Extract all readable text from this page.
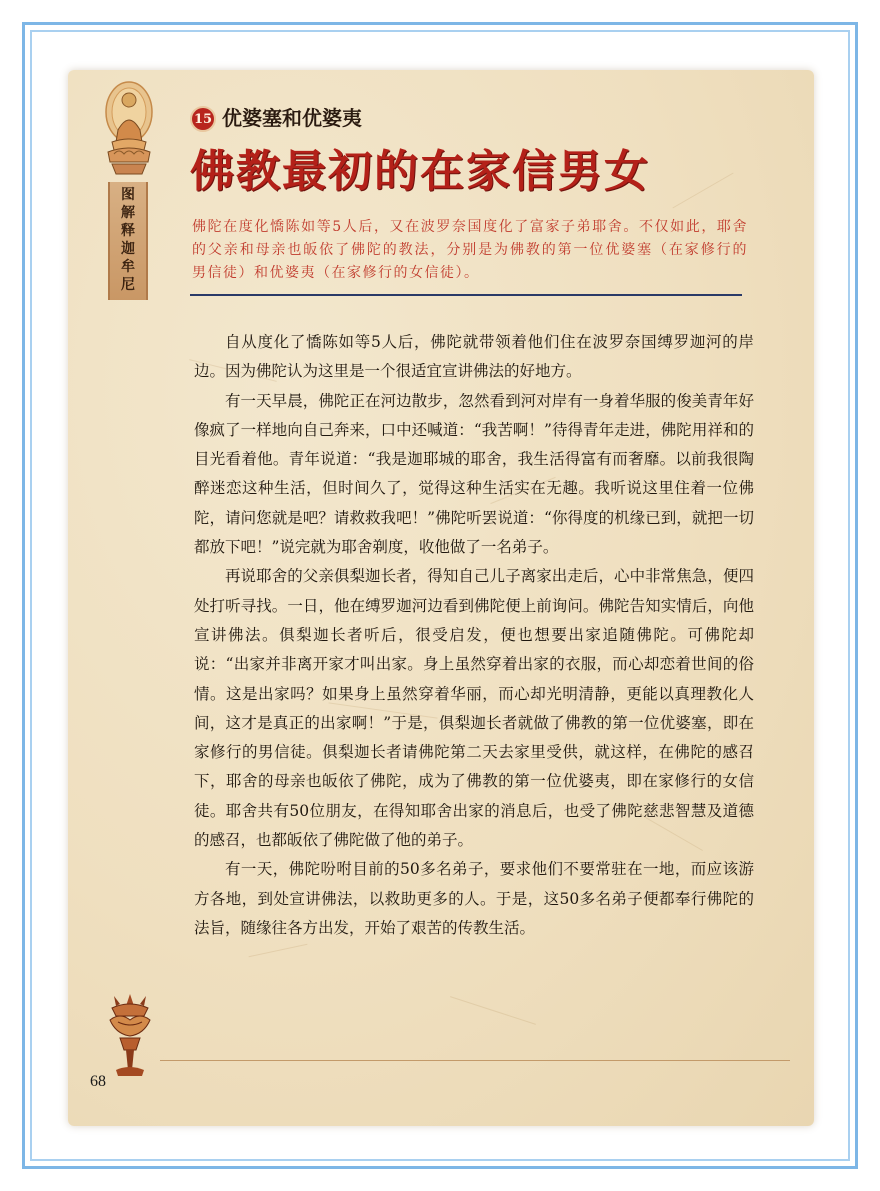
图
解
释
迦
牟
尼
15 优婆塞和优婆夷
佛教最初的在家信男女
佛陀在度化憍陈如等5人后，又在波罗奈国度化了富家子弟耶舍。不仅如此，耶舍的父亲和母亲也皈依了佛陀的教法，分别是为佛教的第一位优婆塞（在家修行的男信徒）和优婆夷（在家修行的女信徒）。

自从度化了憍陈如等5人后，佛陀就带领着他们住在波罗奈国缚罗迦河的岸边。因为佛陀认为这里是一个很适宜宣讲佛法的好地方。

有一天早晨，佛陀正在河边散步，忽然看到河对岸有一身着华服的俊美青年好像疯了一样地向自己奔来，口中还喊道：“我苦啊！”待得青年走进，佛陀用祥和的目光看着他。青年说道：“我是迦耶城的耶舍，我生活得富有而奢靡。以前我很陶醉迷恋这种生活，但时间久了，觉得这种生活实在无趣。我听说这里住着一位佛陀，请问您就是吧？请救救我吧！”佛陀听罢说道：“你得度的机缘已到，就把一切都放下吧！”说完就为耶舍剃度，收他做了一名弟子。

再说耶舍的父亲俱梨迦长者，得知自己儿子离家出走后，心中非常焦急，便四处打听寻找。一日，他在缚罗迦河边看到佛陀便上前询问。佛陀告知实情后，向他宣讲佛法。俱梨迦长者听后，很受启发，便也想要出家追随佛陀。可佛陀却说：“出家并非离开家才叫出家。身上虽然穿着出家的衣服，而心却恋着世间的俗情。这是出家吗？如果身上虽然穿着华丽，而心却光明清静，更能以真理教化人间，这才是真正的出家啊！”于是，俱梨迦长者就做了佛教的第一位优婆塞，即在家修行的男信徒。俱梨迦长者请佛陀第二天去家里受供，就这样，在佛陀的感召下，耶舍的母亲也皈依了佛陀，成为了佛教的第一位优婆夷，即在家修行的女信徒。耶舍共有50位朋友，在得知耶舍出家的消息后，也受了佛陀慈悲智慧及道德的感召，也都皈依了佛陀做了他的弟子。

有一天，佛陀吩咐目前的50多名弟子，要求他们不要常驻在一地，而应该游方各地，到处宣讲佛法，以救助更多的人。于是，这50多名弟子便都奉行佛陀的法旨，随缘往各方出发，开始了艰苦的传教生活。

68
